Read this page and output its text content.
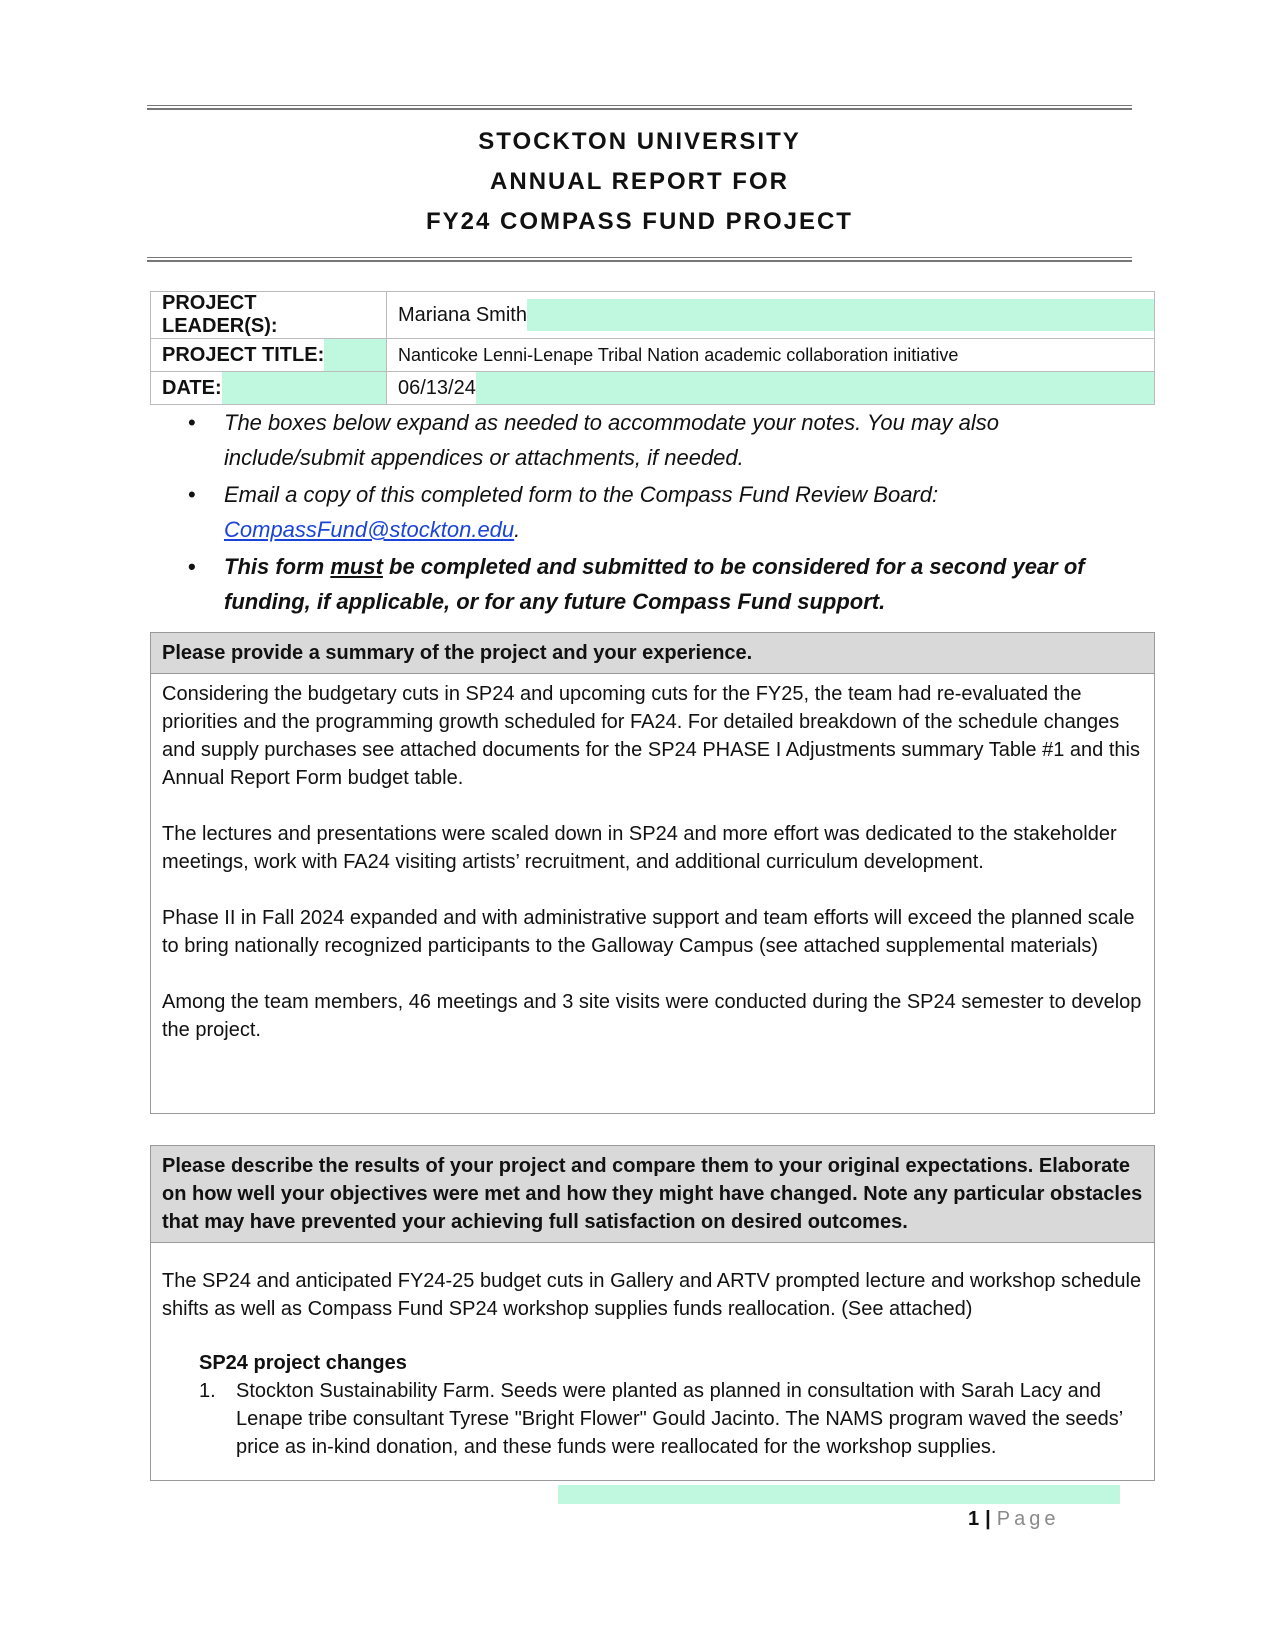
STOCKTON UNIVERSITY
ANNUAL REPORT FOR
FY24 COMPASS FUND PROJECT
PROJECT LEADER(S):	Mariana Smith

PROJECT TITLE:	Nanticoke Lenni-Lenape Tribal Nation academic collaboration initiative

DATE:	06/13/24
• The boxes below expand as needed to accommodate your notes. You may also include/submit appendices or attachments, if needed.
• Email a copy of this completed form to the Compass Fund Review Board: CompassFund@stockton.edu.
• This form must be completed and submitted to be considered for a second year of funding, if applicable, or for any future Compass Fund support.
Please provide a summary of the project and your experience.

Considering the budgetary cuts in SP24 and upcoming cuts for the FY25, the team had re-evaluated the priorities and the programming growth scheduled for FA24. For detailed breakdown of the schedule changes and supply purchases see attached documents for the SP24 PHASE I Adjustments summary Table #1 and this Annual Report Form budget table.

The lectures and presentations were scaled down in SP24 and more effort was dedicated to the stakeholder meetings, work with FA24 visiting artists’ recruitment, and additional curriculum development.

Phase II in Fall 2024 expanded and with administrative support and team efforts will exceed the planned scale to bring nationally recognized participants to the Galloway Campus (see attached supplemental materials)

Among the team members, 46 meetings and 3 site visits were conducted during the SP24 semester to develop the project.

Please describe the results of your project and compare them to your original expectations. Elaborate on how well your objectives were met and how they might have changed. Note any particular obstacles that may have prevented your achieving full satisfaction on desired outcomes.

The SP24 and anticipated FY24-25 budget cuts in Gallery and ARTV prompted lecture and workshop schedule shifts as well as Compass Fund SP24 workshop supplies funds reallocation. (See attached)

SP24 project changes
1. Stockton Sustainability Farm. Seeds were planted as planned in consultation with Sarah Lacy and Lenape tribe consultant Tyrese "Bright Flower" Gould Jacinto. The NAMS program waved the seeds’ price as in-kind donation, and these funds were reallocated for the workshop supplies.
1 | Page
